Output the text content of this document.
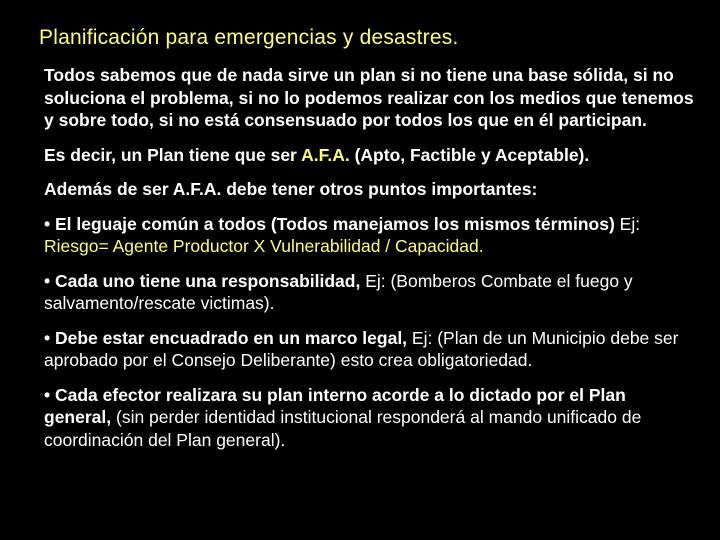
Planificación para emergencias y desastres.

Todos sabemos que de nada sirve un plan si no tiene una base sólida, si no soluciona el problema, si no lo podemos realizar con los medios que tenemos y sobre todo, si no está consensuado por todos los que en él participan.

Es decir, un Plan tiene que ser A.F.A. (Apto, Factible y Aceptable).

Además de ser A.F.A. debe tener otros puntos importantes:

• El leguaje común a todos (Todos manejamos los mismos términos) Ej: Riesgo= Agente Productor X Vulnerabilidad / Capacidad.

• Cada uno tiene una responsabilidad, Ej: (Bomberos Combate el fuego y salvamento/rescate victimas).

• Debe estar encuadrado en un marco legal, Ej: (Plan de un Municipio debe ser aprobado por el Consejo Deliberante) esto crea obligatoriedad.

• Cada efector realizara su plan interno acorde a lo dictado por el Plan general, (sin perder identidad institucional responderá al mando unificado de coordinación del Plan general).
